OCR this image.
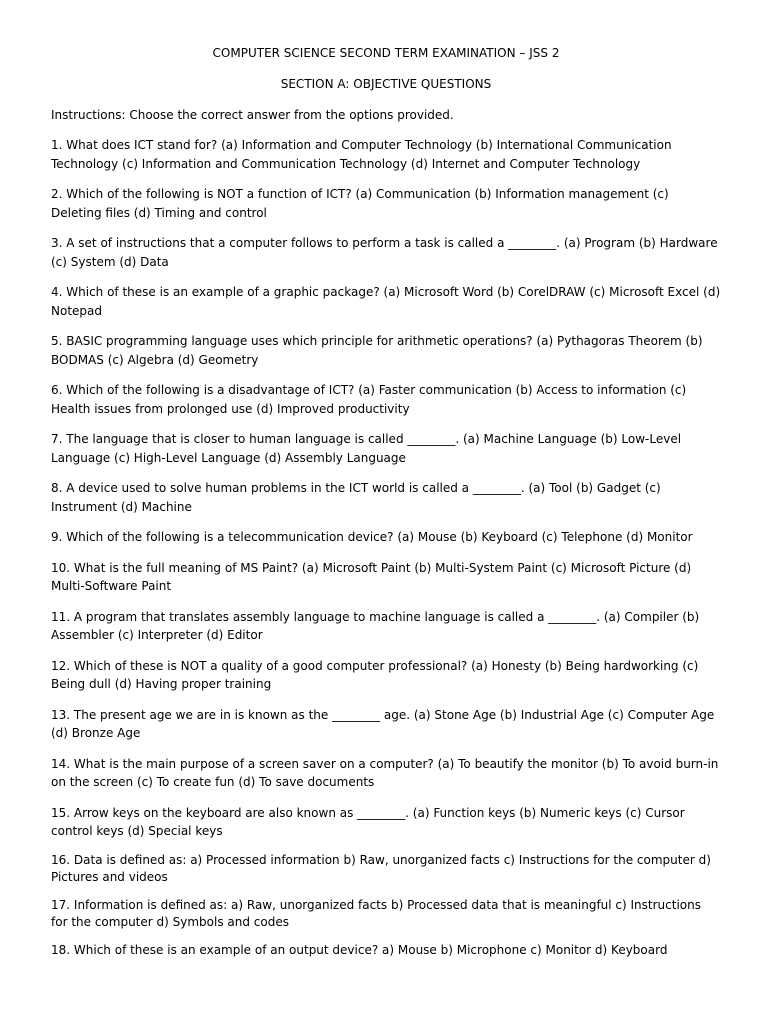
COMPUTER SCIENCE SECOND TERM EXAMINATION – JSS 2

SECTION A: OBJECTIVE QUESTIONS

Instructions: Choose the correct answer from the options provided.

1. What does ICT stand for? (a) Information and Computer Technology (b) International Communication Technology (c) Information and Communication Technology (d) Internet and Computer Technology
2. Which of the following is NOT a function of ICT? (a) Communication (b) Information management (c) Deleting files (d) Timing and control
3. A set of instructions that a computer follows to perform a task is called a ________. (a) Program (b) Hardware (c) System (d) Data
4. Which of these is an example of a graphic package? (a) Microsoft Word (b) CorelDRAW (c) Microsoft Excel (d) Notepad
5. BASIC programming language uses which principle for arithmetic operations? (a) Pythagoras Theorem (b) BODMAS (c) Algebra (d) Geometry
6. Which of the following is a disadvantage of ICT? (a) Faster communication (b) Access to information (c) Health issues from prolonged use (d) Improved productivity
7. The language that is closer to human language is called ________. (a) Machine Language (b) Low-Level Language (c) High-Level Language (d) Assembly Language
8. A device used to solve human problems in the ICT world is called a ________. (a) Tool (b) Gadget (c) Instrument (d) Machine
9. Which of the following is a telecommunication device? (a) Mouse (b) Keyboard (c) Telephone (d) Monitor
10. What is the full meaning of MS Paint? (a) Microsoft Paint (b) Multi-System Paint (c) Microsoft Picture (d) Multi-Software Paint
11. A program that translates assembly language to machine language is called a ________. (a) Compiler (b) Assembler (c) Interpreter (d) Editor
12. Which of these is NOT a quality of a good computer professional? (a) Honesty (b) Being hardworking (c) Being dull (d) Having proper training
13. The present age we are in is known as the ________ age. (a) Stone Age (b) Industrial Age (c) Computer Age (d) Bronze Age
14. What is the main purpose of a screen saver on a computer? (a) To beautify the monitor (b) To avoid burn-in on the screen (c) To create fun (d) To save documents
15. Arrow keys on the keyboard are also known as ________. (a) Function keys (b) Numeric keys (c) Cursor control keys (d) Special keys
16. Data is defined as: a) Processed information b) Raw, unorganized facts c) Instructions for the computer d) Pictures and videos
17. Information is defined as: a) Raw, unorganized facts b) Processed data that is meaningful c) Instructions for the computer d) Symbols and codes
18. Which of these is an example of an output device? a) Mouse b) Microphone c) Monitor d) Keyboard
